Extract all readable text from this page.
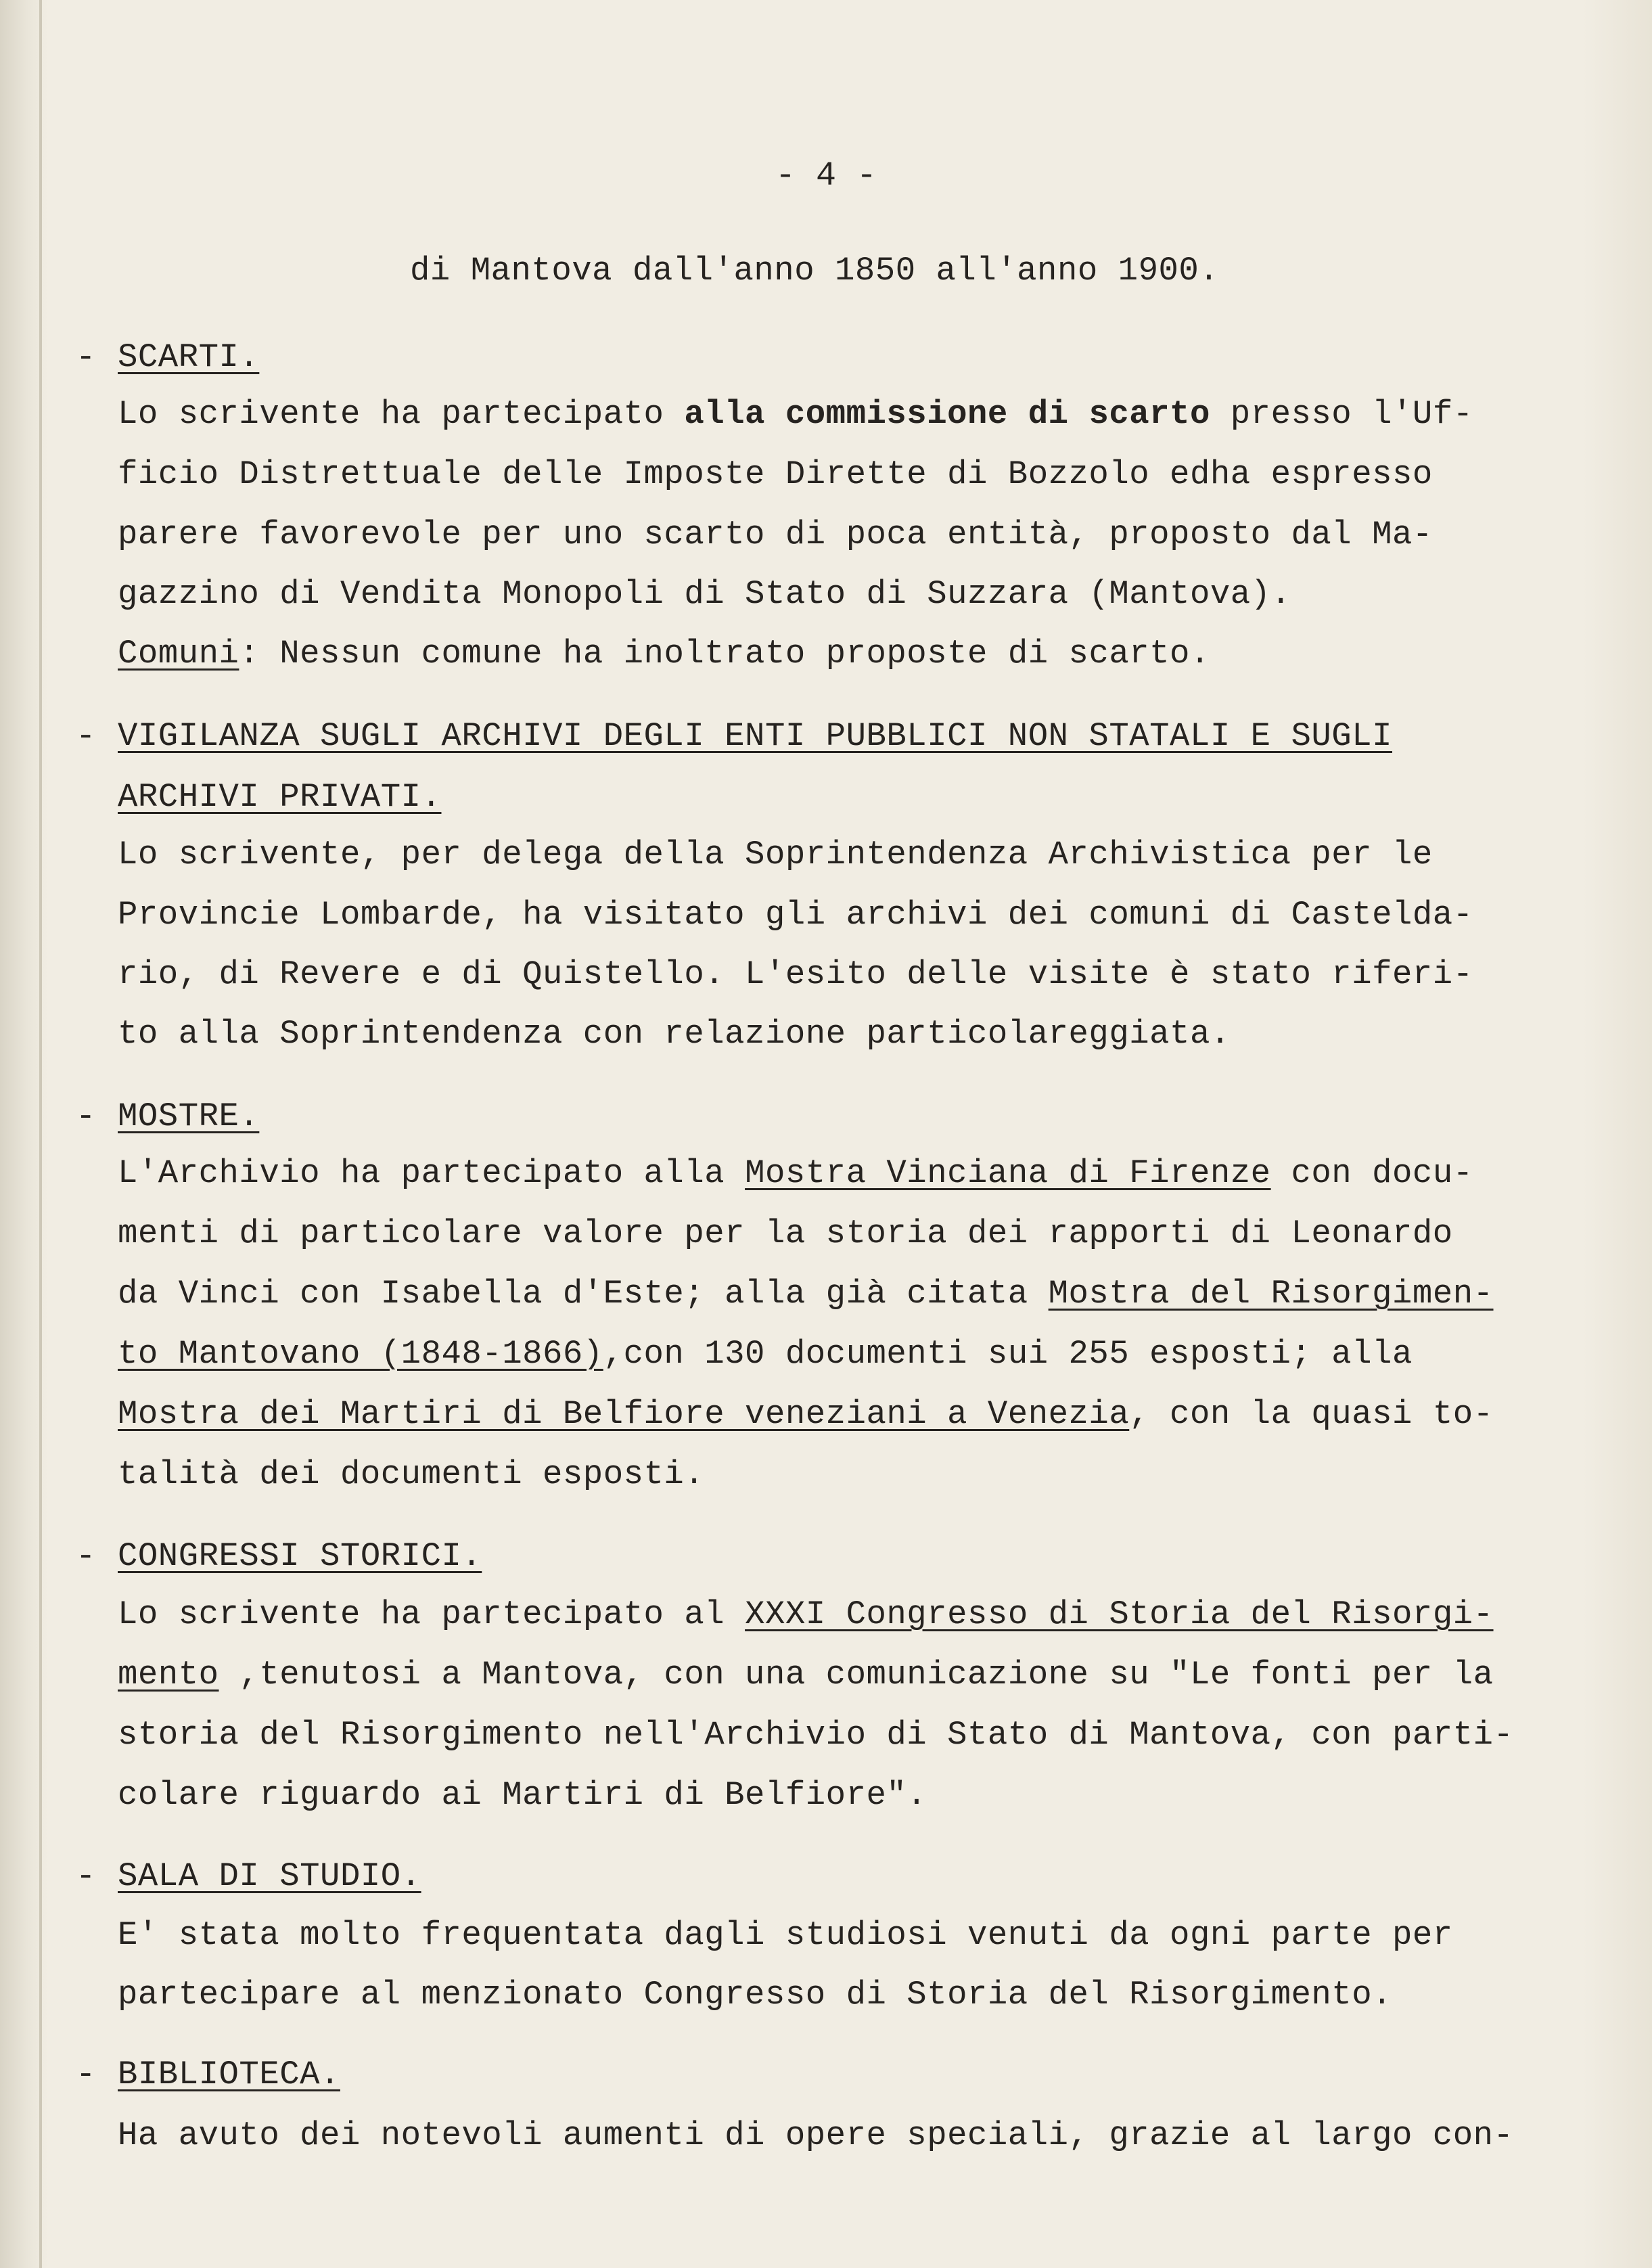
- 4 -
di Mantova dall'anno 1850 all'anno 1900.
- SCARTI.
Lo scrivente ha partecipato alla commissione di scarto presso l'Uf-
ficio Distrettuale delle Imposte Dirette di Bozzolo edha espresso
parere favorevole per uno scarto di poca entità, proposto dal Ma-
gazzino di Vendita Monopoli di Stato di Suzzara (Mantova).
Comuni: Nessun comune ha inoltrato proposte di scarto.
- VIGILANZA SUGLI ARCHIVI DEGLI ENTI PUBBLICI NON STATALI E SUGLI
ARCHIVI PRIVATI.
Lo scrivente, per delega della Soprintendenza Archivistica per le
Provincie Lombarde, ha visitato gli archivi dei comuni di Casteldа-
rio, di Revere e di Quistello. L'esito delle visite è stato riferi-
to alla Soprintendenza con relazione particolareggiata.
- MOSTRE.
L'Archivio ha partecipato alla Mostra Vinciana di Firenze con docu-
menti di particolare valore per la storia dei rapporti di Leonardo
da Vinci con Isabella d'Este; alla già citata Mostra del Risorgimen-
to Mantovano (1848-1866),con 130 documenti sui 255 esposti; alla
Mostra dei Martiri di Belfiore veneziani a Venezia, con la quasi to-
talità dei documenti esposti.
- CONGRESSI STORICI.
Lo scrivente ha partecipato al XXXI Congresso di Storia del Risorgi-
mento ,tenutosi a Mantova, con una comunicazione su "Le fonti per la
storia del Risorgimento nell'Archivio di Stato di Mantova, con parti-
colare riguardo ai Martiri di Belfiore".
- SALA DI STUDIO.
E' stata molto frequentata dagli studiosi venuti da ogni parte per
partecipare al menzionato Congresso di Storia del Risorgimento.
- BIBLIOTECA.
Ha avuto dei notevoli aumenti di opere speciali, grazie al largo con-
